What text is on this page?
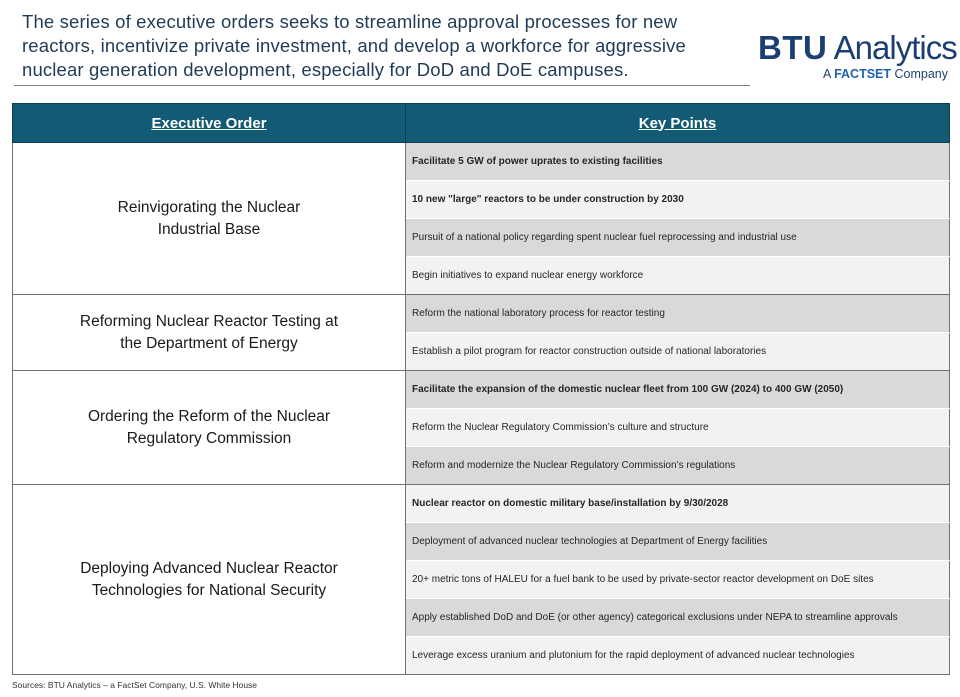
The series of executive orders seeks to streamline approval processes for new
reactors, incentivize private investment, and develop a workforce for aggressive
nuclear generation development, especially for DoD and DoE campuses.
BTU Analytics
A FACTSET Company
Executive Order	Key Points

Reinvigorating the Nuclear
Industrial Base	Facilitate 5 GW of power uprates to existing facilities
	10 new "large" reactors to be under construction by 2030
	Pursuit of a national policy regarding spent nuclear fuel reprocessing and industrial use
	Begin initiatives to expand nuclear energy workforce

Reforming Nuclear Reactor Testing at
the Department of Energy	Reform the national laboratory process for reactor testing
	Establish a pilot program for reactor construction outside of national laboratories

Ordering the Reform of the Nuclear
Regulatory Commission	Facilitate the expansion of the domestic nuclear fleet from 100 GW (2024) to 400 GW (2050)
	Reform the Nuclear Regulatory Commission’s culture and structure
	Reform and modernize the Nuclear Regulatory Commission’s regulations

Deploying Advanced Nuclear Reactor
Technologies for National Security	Nuclear reactor on domestic military base/installation by 9/30/2028
	Deployment of advanced nuclear technologies at Department of Energy facilities
	20+ metric tons of HALEU for a fuel bank to be used by private-sector reactor development on DoE sites
	Apply established DoD and DoE (or other agency) categorical exclusions under NEPA to streamline approvals
	Leverage excess uranium and plutonium for the rapid deployment of advanced nuclear technologies
Sources: BTU Analytics – a FactSet Company, U.S. White House
